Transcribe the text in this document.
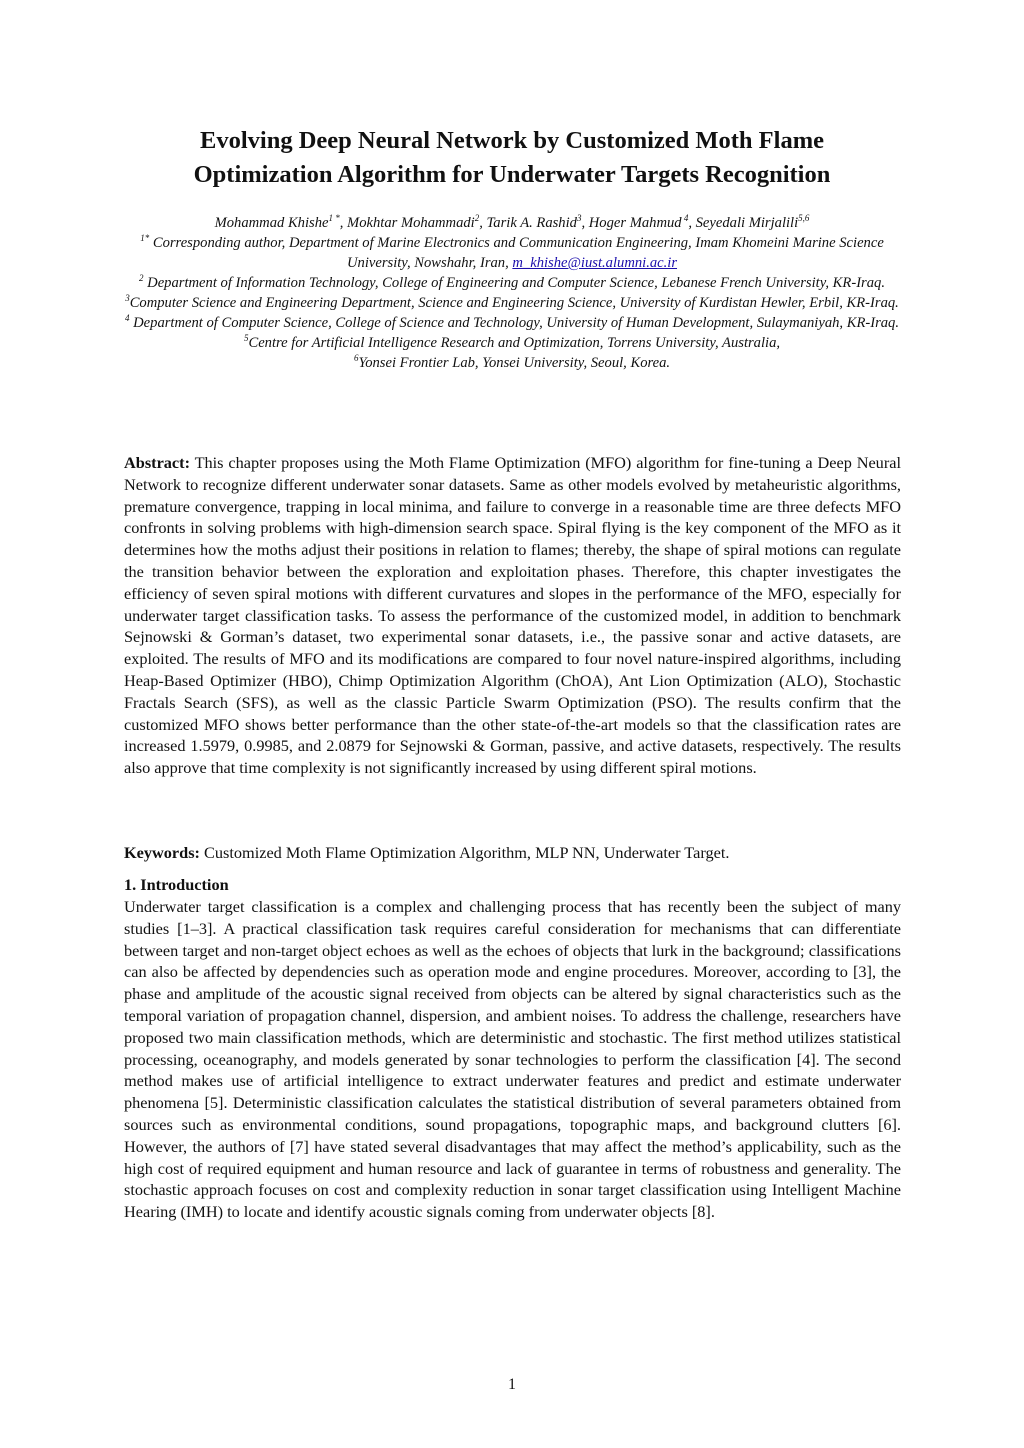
Evolving Deep Neural Network by Customized Moth Flame
Optimization Algorithm for Underwater Targets Recognition
Mohammad Khishe$^{1 *}$, Mokhtar Mohammadi$^2$, Tarik A. Rashid$^3$, Hoger Mahmud $^4$, Seyedali Mirjalili$^{5,6}$
$^{1*}$ Corresponding author, Department of Marine Electronics and Communication Engineering, Imam Khomeini Marine Science University, Nowshahr, Iran, m_khishe@iust.alumni.ac.ir
$^2$ Department of Information Technology, College of Engineering and Computer Science, Lebanese French University, KR-Iraq.
$^3$Computer Science and Engineering Department, Science and Engineering Science, University of Kurdistan Hewler, Erbil, KR-Iraq.
$^4$ Department of Computer Science, College of Science and Technology, University of Human Development, Sulaymaniyah, KR-Iraq.
$^5$Centre for Artificial Intelligence Research and Optimization, Torrens University, Australia,
$^6$Yonsei Frontier Lab, Yonsei University, Seoul, Korea.
Abstract: This chapter proposes using the Moth Flame Optimization (MFO) algorithm for fine-tuning a Deep Neural Network to recognize different underwater sonar datasets. Same as other models evolved by metaheuristic algorithms, premature convergence, trapping in local minima, and failure to converge in a reasonable time are three defects MFO confronts in solving problems with high-dimension search space. Spiral flying is the key component of the MFO as it determines how the moths adjust their positions in relation to flames; thereby, the shape of spiral motions can regulate the transition behavior between the exploration and exploitation phases. Therefore, this chapter investigates the efficiency of seven spiral motions with different curvatures and slopes in the performance of the MFO, especially for underwater target classification tasks. To assess the performance of the customized model, in addition to benchmark Sejnowski & Gorman’s dataset, two experimental sonar datasets, i.e., the passive sonar and active datasets, are exploited. The results of MFO and its modifications are compared to four novel nature-inspired algorithms, including Heap-Based Optimizer (HBO), Chimp Optimization Algorithm (ChOA), Ant Lion Optimization (ALO), Stochastic Fractals Search (SFS), as well as the classic Particle Swarm Optimization (PSO). The results confirm that the customized MFO shows better performance than the other state-of-the-art models so that the classification rates are increased 1.5979, 0.9985, and 2.0879 for Sejnowski & Gorman, passive, and active datasets, respectively. The results also approve that time complexity is not significantly increased by using different spiral motions.
Keywords: Customized Moth Flame Optimization Algorithm, MLP NN, Underwater Target.
1. Introduction
Underwater target classification is a complex and challenging process that has recently been the subject of many studies [1–3]. A practical classification task requires careful consideration for mechanisms that can differentiate between target and non-target object echoes as well as the echoes of objects that lurk in the background; classifications can also be affected by dependencies such as operation mode and engine procedures. Moreover, according to [3], the phase and amplitude of the acoustic signal received from objects can be altered by signal characteristics such as the temporal variation of propagation channel, dispersion, and ambient noises. To address the challenge, researchers have proposed two main classification methods, which are deterministic and stochastic. The first method utilizes statistical processing, oceanography, and models generated by sonar technologies to perform the classification [4]. The second method makes use of artificial intelligence to extract underwater features and predict and estimate underwater phenomena [5]. Deterministic classification calculates the statistical distribution of several parameters obtained from sources such as environmental conditions, sound propagations, topographic maps, and background clutters [6]. However, the authors of [7] have stated several disadvantages that may affect the method’s applicability, such as the high cost of required equipment and human resource and lack of guarantee in terms of robustness and generality. The stochastic approach focuses on cost and complexity reduction in sonar target classification using Intelligent Machine Hearing (IMH) to locate and identify acoustic signals coming from underwater objects [8].
1
